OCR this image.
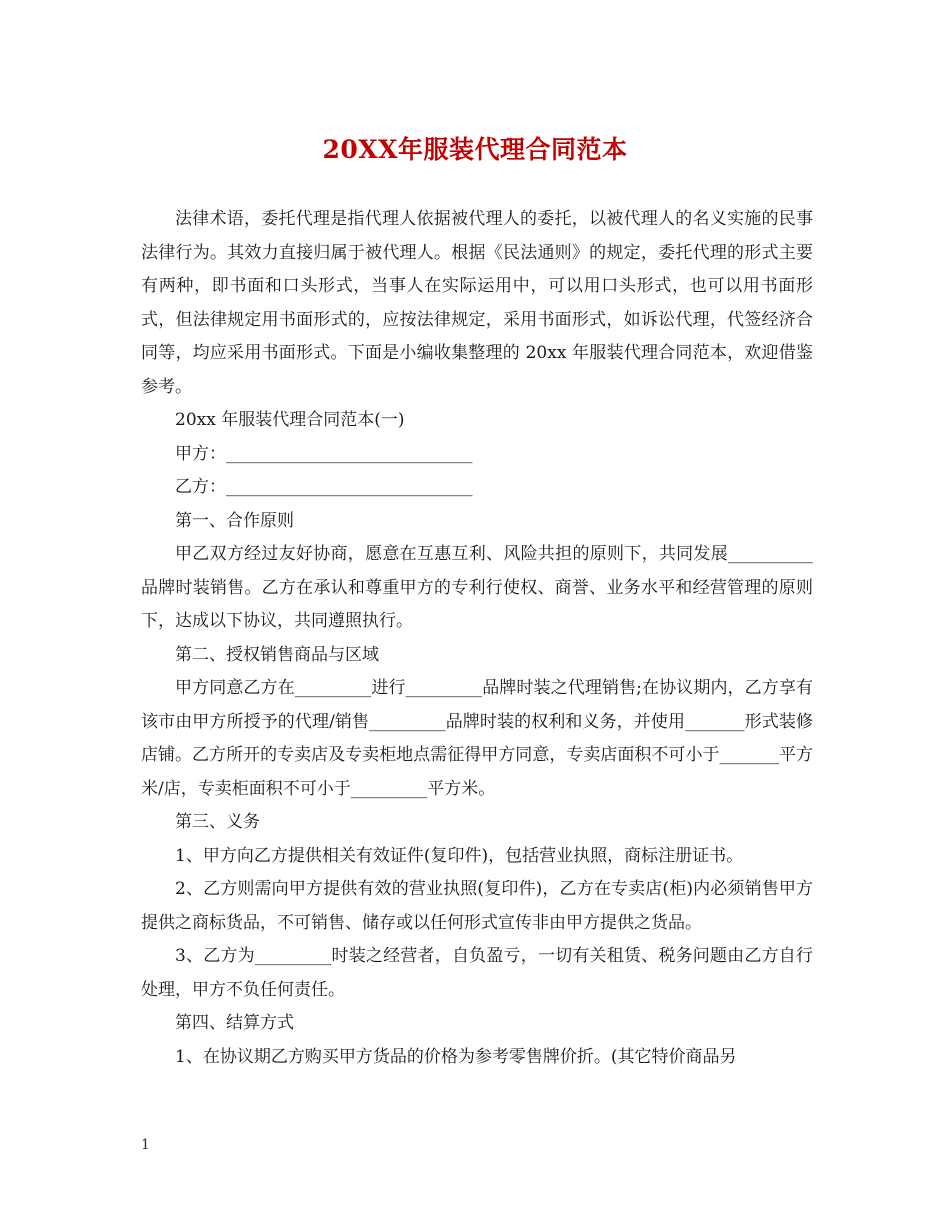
20XX年服装代理合同范本

法律术语，委托代理是指代理人依据被代理人的委托，以被代理人的名义实施的民事法律行为。其效力直接归属于被代理人。根据《民法通则》的规定，委托代理的形式主要有两种，即书面和口头形式，当事人在实际运用中，可以用口头形式，也可以用书面形式，但法律规定用书面形式的，应按法律规定，采用书面形式，如诉讼代理，代签经济合同等，均应采用书面形式。下面是小编收集整理的 20xx 年服装代理合同范本，欢迎借鉴参考。

20xx 年服装代理合同范本(一)

甲方：_____________________________

乙方：_____________________________

第一、合作原则

甲乙双方经过友好协商，愿意在互惠互利、风险共担的原则下，共同发展__________品牌时装销售。乙方在承认和尊重甲方的专利行使权、商誉、业务水平和经营管理的原则下，达成以下协议，共同遵照执行。

第二、授权销售商品与区域

甲方同意乙方在_________进行_________品牌时装之代理销售;在协议期内，乙方享有该市由甲方所授予的代理/销售_________品牌时装的权利和义务，并使用_______形式装修店铺。乙方所开的专卖店及专卖柜地点需征得甲方同意，专卖店面积不可小于_______平方米/店，专卖柜面积不可小于_________平方米。

第三、义务

1、甲方向乙方提供相关有效证件(复印件)，包括营业执照，商标注册证书。

2、乙方则需向甲方提供有效的营业执照(复印件)，乙方在专卖店(柜)内必须销售甲方提供之商标货品，不可销售、储存或以任何形式宣传非由甲方提供之货品。

3、乙方为_________时装之经营者，自负盈亏，一切有关租赁、税务问题由乙方自行处理，甲方不负任何责任。

第四、结算方式

1、在协议期乙方购买甲方货品的价格为参考零售牌价折。(其它特价商品另

1
